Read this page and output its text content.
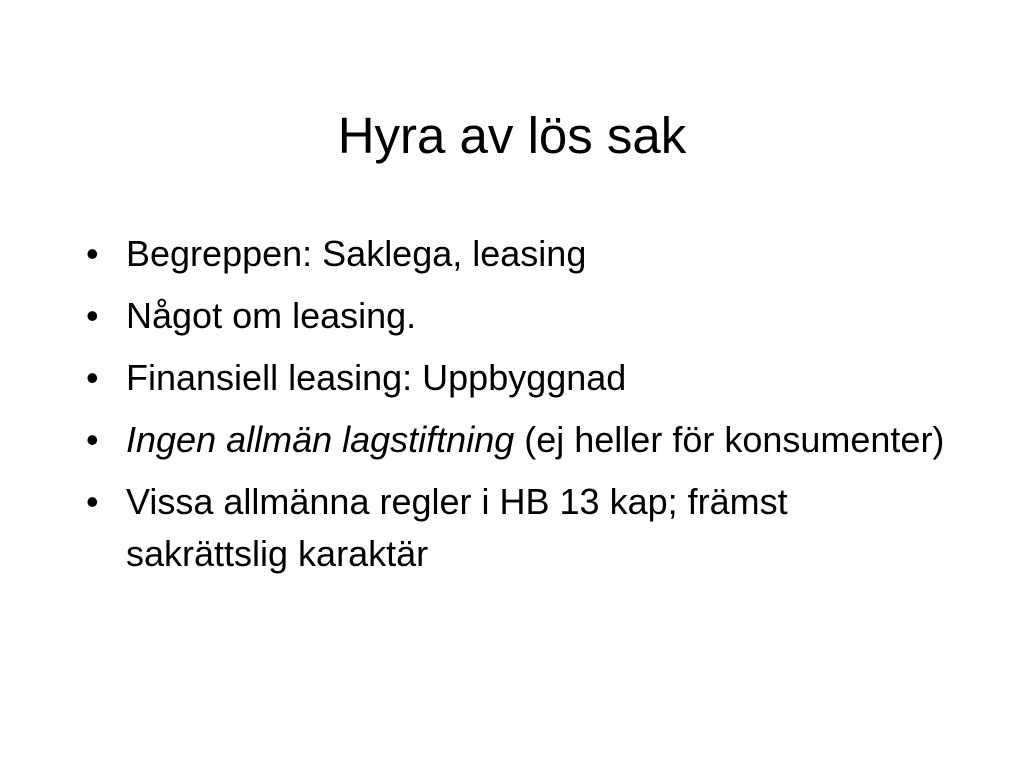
Hyra av lös sak
• Begreppen: Saklega, leasing
• Något om leasing.
• Finansiell leasing: Uppbyggnad
• Ingen allmän lagstiftning (ej heller för konsumenter)
• Vissa allmänna regler i HB 13 kap; främst sakrättslig karaktär
